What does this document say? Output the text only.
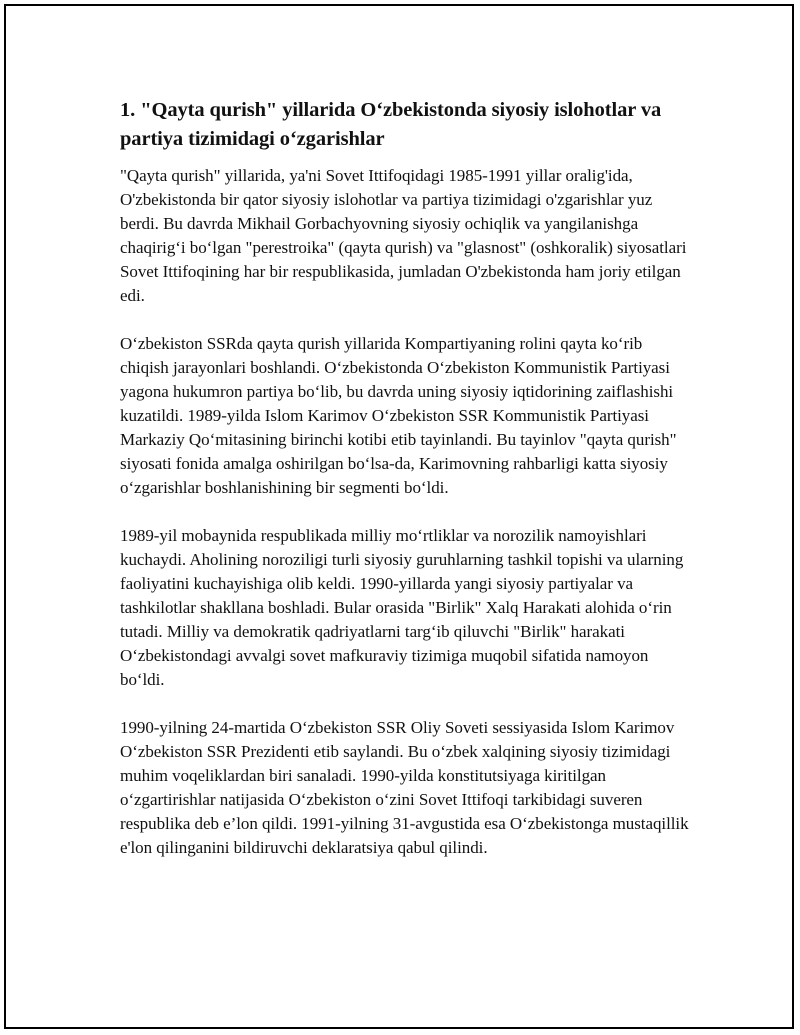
1. "Qayta qurish" yillarida O‘zbekistonda siyosiy islohotlar va partiya tizimidagi o‘zgarishlar

"Qayta qurish" yillarida, ya'ni Sovet Ittifoqidagi 1985-1991 yillar oralig'ida, O'zbekistonda bir qator siyosiy islohotlar va partiya tizimidagi o'zgarishlar yuz berdi. Bu davrda Mikhail Gorbachyovning siyosiy ochiqlik va yangilanishga chaqirig‘i bo‘lgan "perestroika" (qayta qurish) va "glasnost" (oshkoralik) siyosatlari Sovet Ittifoqining har bir respublikasida, jumladan O'zbekistonda ham joriy etilgan edi.

O‘zbekiston SSRda qayta qurish yillarida Kompartiyaning rolini qayta ko‘rib chiqish jarayonlari boshlandi. O‘zbekistonda O‘zbekiston Kommunistik Partiyasi yagona hukumron partiya bo‘lib, bu davrda uning siyosiy iqtidorining zaiflashishi kuzatildi. 1989-yilda Islom Karimov O‘zbekiston SSR Kommunistik Partiyasi Markaziy Qo‘mitasining birinchi kotibi etib tayinlandi. Bu tayinlov "qayta qurish" siyosati fonida amalga oshirilgan bo‘lsa-da, Karimovning rahbarligi katta siyosiy o‘zgarishlar boshlanishining bir segmenti bo‘ldi.

1989-yil mobaynida respublikada milliy mo‘rtliklar va norozilik namoyishlari kuchaydi. Aholining noroziligi turli siyosiy guruhlarning tashkil topishi va ularning faoliyatini kuchayishiga olib keldi. 1990-yillarda yangi siyosiy partiyalar va tashkilotlar shakllana boshladi. Bular orasida "Birlik" Xalq Harakati alohida o‘rin tutadi. Milliy va demokratik qadriyatlarni targ‘ib qiluvchi "Birlik" harakati O‘zbekistondagi avvalgi sovet mafkuraviy tizimiga muqobil sifatida namoyon bo‘ldi.

1990-yilning 24-martida O‘zbekiston SSR Oliy Soveti sessiyasida Islom Karimov O‘zbekiston SSR Prezidenti etib saylandi. Bu o‘zbek xalqining siyosiy tizimidagi muhim voqeliklardan biri sanaladi. 1990-yilda konstitutsiyaga kiritilgan o‘zgartirishlar natijasida O‘zbekiston o‘zini Sovet Ittifoqi tarkibidagi suveren respublika deb e’lon qildi. 1991-yilning 31-avgustida esa O‘zbekistonga mustaqillik e'lon qilinganini bildiruvchi deklaratsiya qabul qilindi.
